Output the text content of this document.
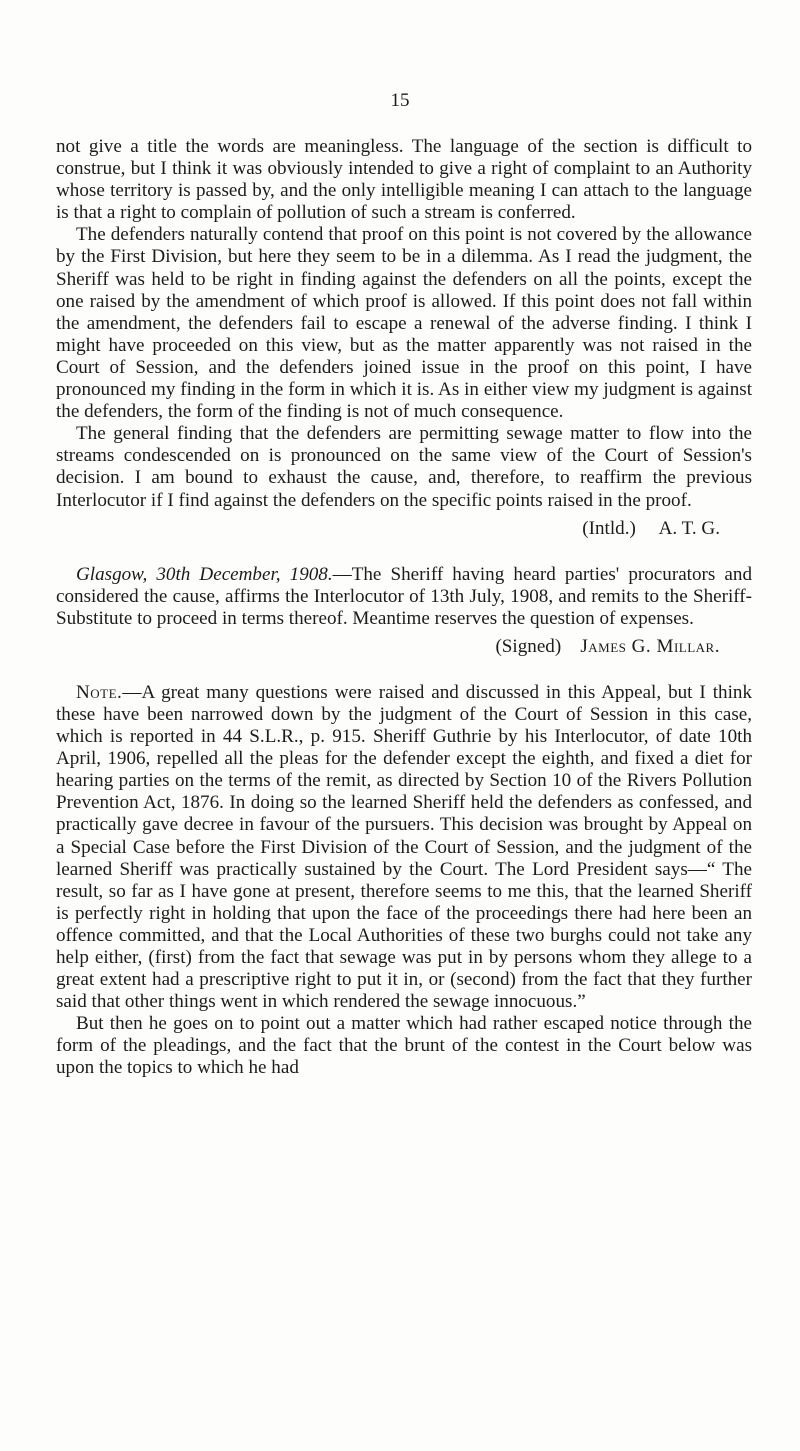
15

not give a title the words are meaningless. The language of the section is difficult to construe, but I think it was obviously intended to give a right of complaint to an Authority whose territory is passed by, and the only intelligible meaning I can attach to the language is that a right to complain of pollution of such a stream is conferred.

The defenders naturally contend that proof on this point is not covered by the allowance by the First Division, but here they seem to be in a dilemma. As I read the judgment, the Sheriff was held to be right in finding against the defenders on all the points, except the one raised by the amendment of which proof is allowed. If this point does not fall within the amendment, the defenders fail to escape a renewal of the adverse finding. I think I might have proceeded on this view, but as the matter apparently was not raised in the Court of Session, and the defenders joined issue in the proof on this point, I have pronounced my finding in the form in which it is. As in either view my judgment is against the defenders, the form of the finding is not of much consequence.

The general finding that the defenders are permitting sewage matter to flow into the streams condescended on is pronounced on the same view of the Court of Session's decision. I am bound to exhaust the cause, and, therefore, to reaffirm the previous Interlocutor if I find against the defenders on the specific points raised in the proof.

(Intld.)     A. T. G.

Glasgow, 30th December, 1908.—The Sheriff having heard parties' procurators and considered the cause, affirms the Interlocutor of 13th July, 1908, and remits to the Sheriff-Substitute to proceed in terms thereof. Meantime reserves the question of expenses.

(Signed) James G. Millar.

Note.—A great many questions were raised and discussed in this Appeal, but I think these have been narrowed down by the judgment of the Court of Session in this case, which is reported in 44 S.L.R., p. 915. Sheriff Guthrie by his Interlocutor, of date 10th April, 1906, repelled all the pleas for the defender except the eighth, and fixed a diet for hearing parties on the terms of the remit, as directed by Section 10 of the Rivers Pollution Prevention Act, 1876. In doing so the learned Sheriff held the defenders as confessed, and practically gave decree in favour of the pursuers. This decision was brought by Appeal on a Special Case before the First Division of the Court of Session, and the judgment of the learned Sheriff was practically sustained by the Court. The Lord President says—“ The result, so far as I have gone at present, therefore seems to me this, that the learned Sheriff is perfectly right in holding that upon the face of the proceedings there had here been an offence committed, and that the Local Authorities of these two burghs could not take any help either, (first) from the fact that sewage was put in by persons whom they allege to a great extent had a prescriptive right to put it in, or (second) from the fact that they further said that other things went in which rendered the sewage innocuous.”

But then he goes on to point out a matter which had rather escaped notice through the form of the pleadings, and the fact that the brunt of the contest in the Court below was upon the topics to which he had
